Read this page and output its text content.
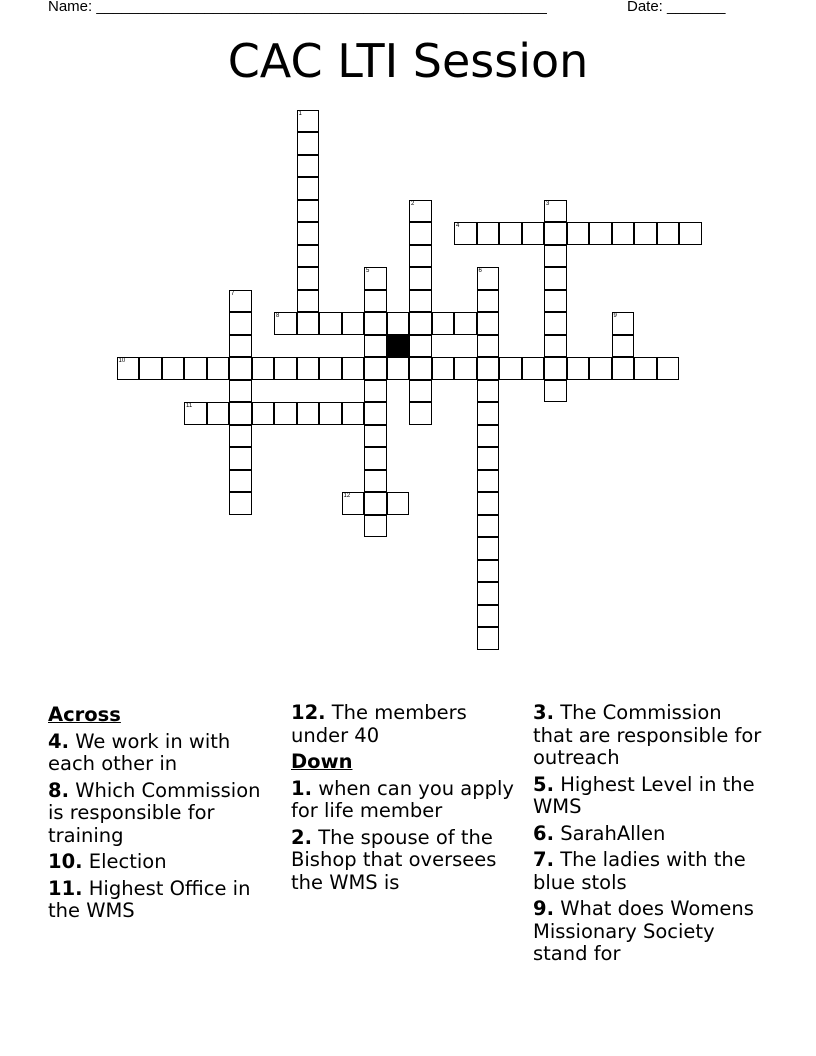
Name: ______________________________________________________	Date: _______
CAC LTI Session
1
2	3
4
5	6
7
8	9
10
11
12
Across
4. We work in with each other in
8. Which Commission is responsible for training
10. Election
11. Highest Office in the WMS
12. The members under 40
Down
1. when can you apply for life member
2. The spouse of the Bishop that oversees the WMS is
3. The Commission that are responsible for outreach
5. Highest Level in the WMS
6. SarahAllen
7. The ladies with the blue stols
9. What does Womens Missionary Society stand for
